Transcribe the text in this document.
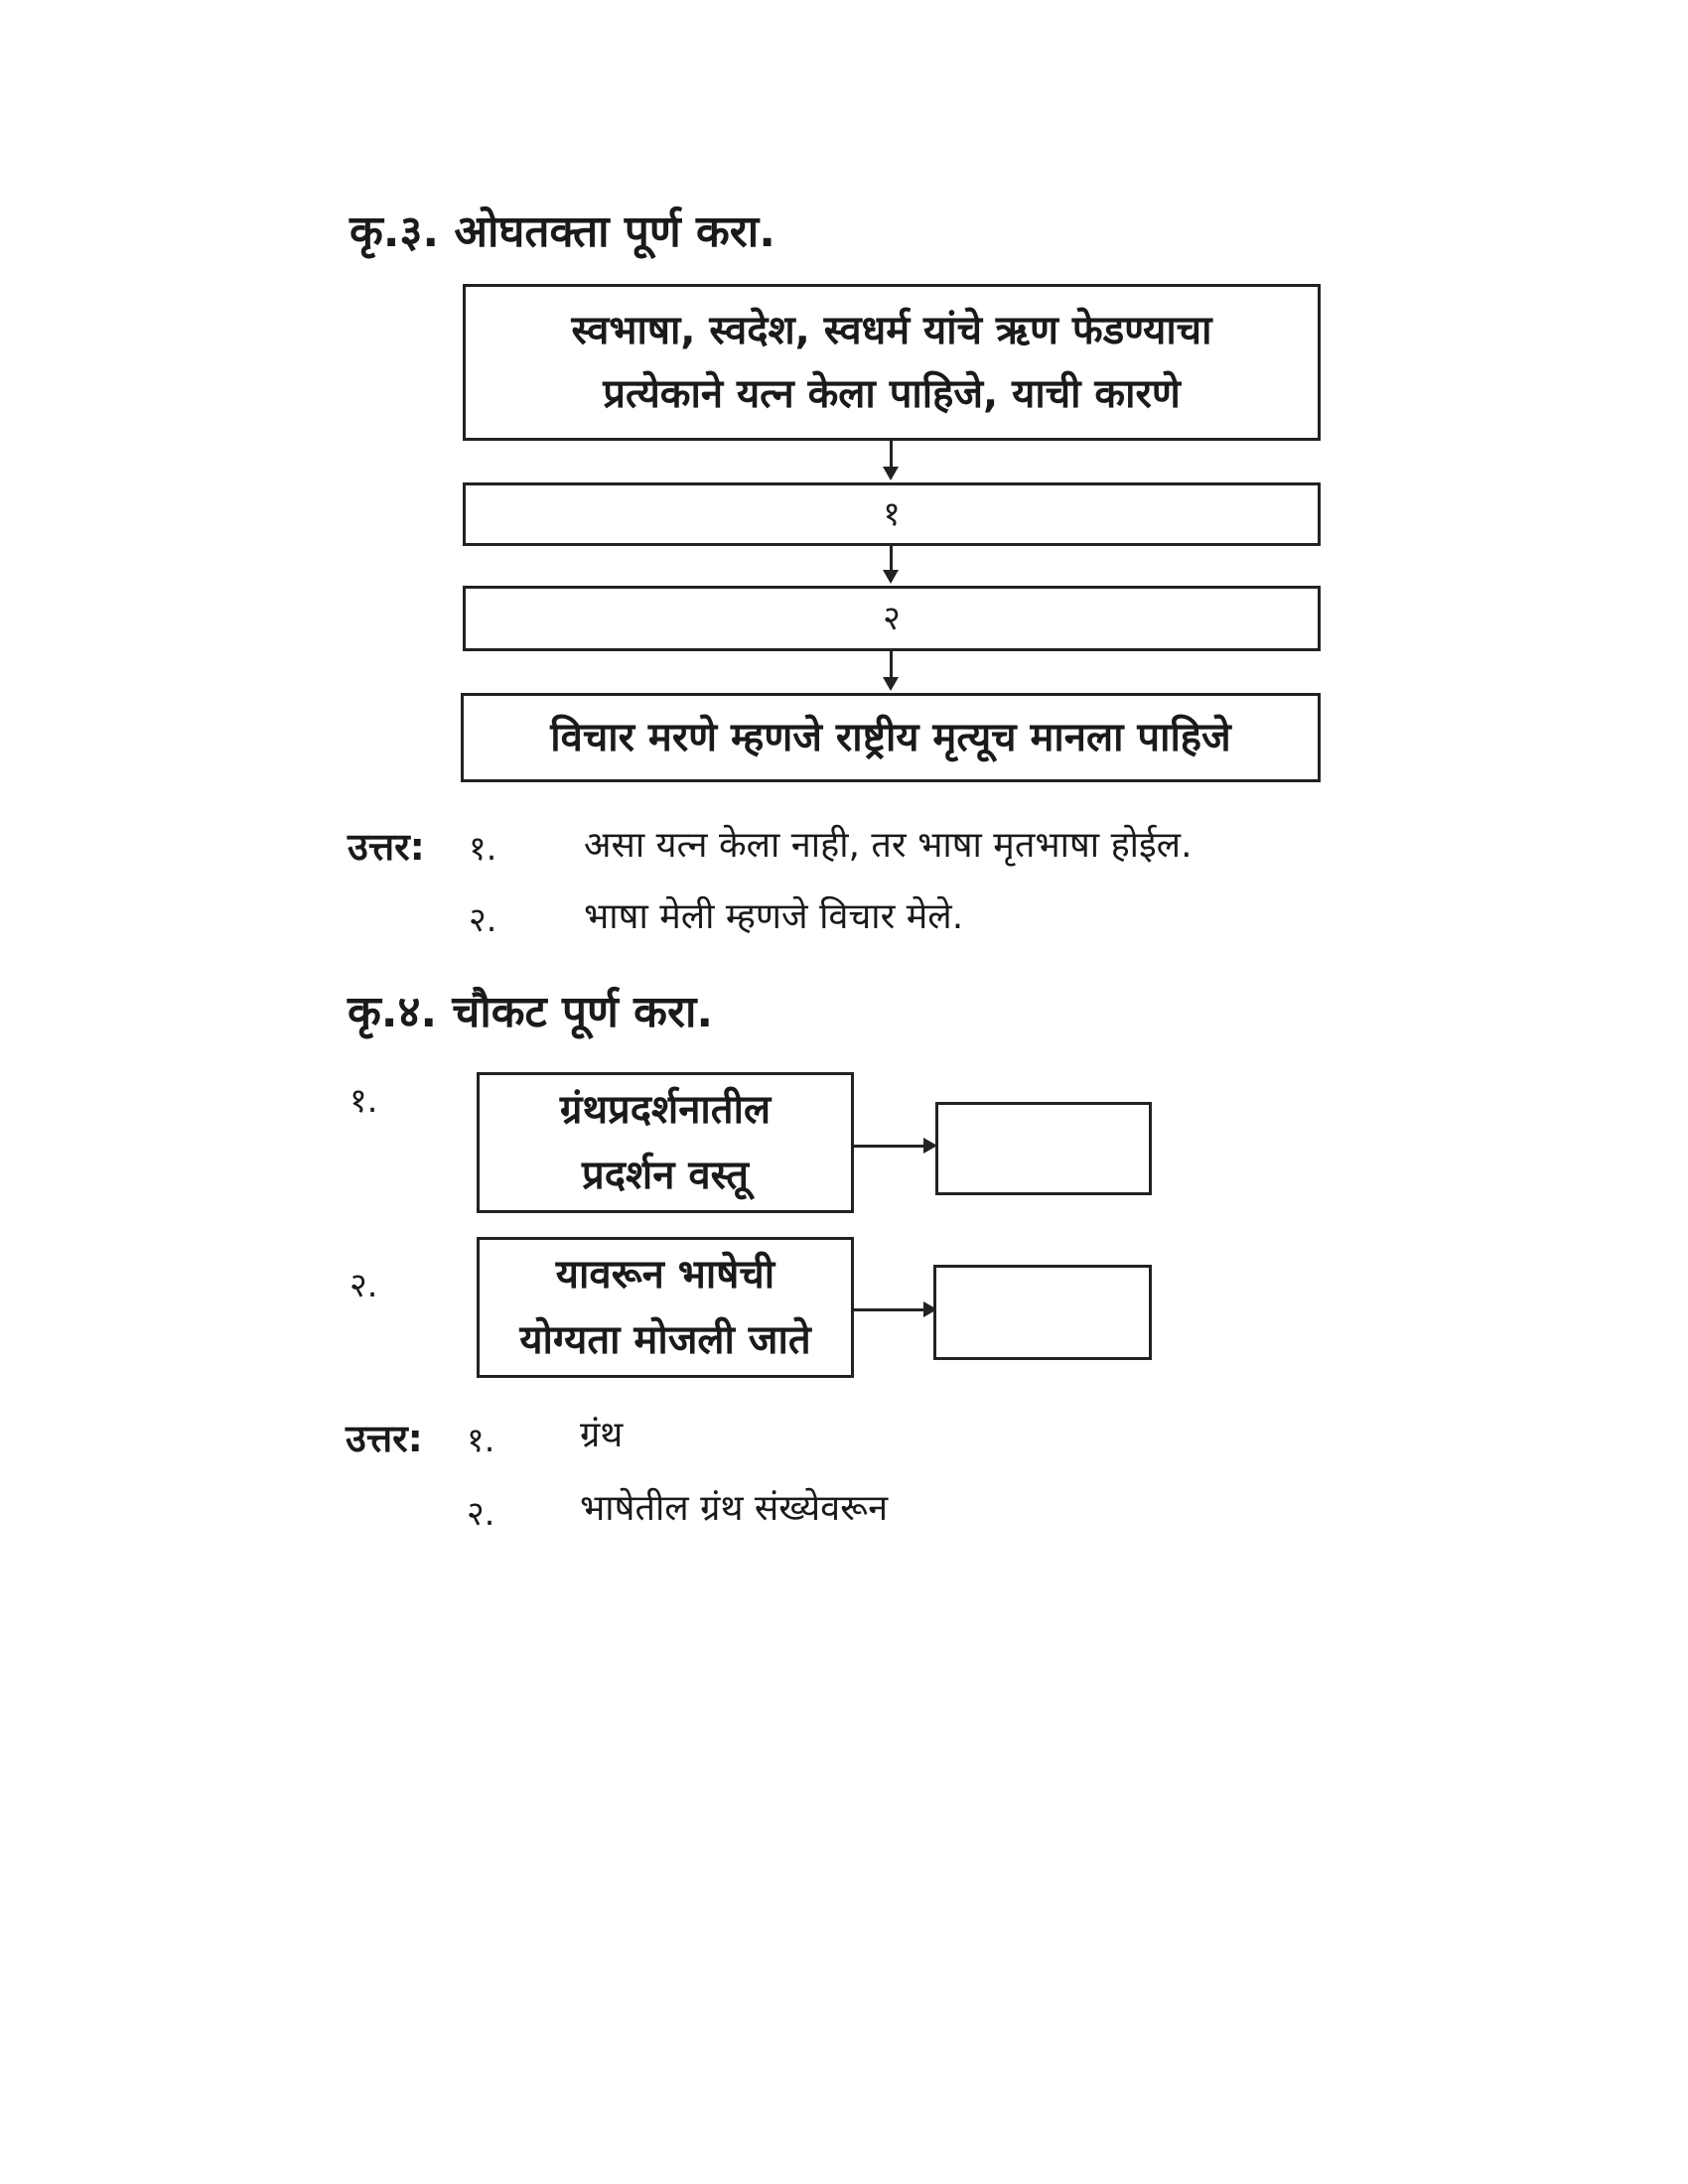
कृ.३. ओघतक्ता पूर्ण करा.
स्वभाषा, स्वदेश, स्वधर्म यांचे ऋण फेडण्याचा
प्रत्येकाने यत्न केला पाहिजे, याची कारणे
१
२
विचार मरणे म्हणजे राष्ट्रीय मृत्यूच मानला पाहिजे
उत्तर: १. असा यत्न केला नाही, तर भाषा मृतभाषा होईल.
२. भाषा मेली म्हणजे विचार मेले.
कृ.४. चौकट पूर्ण करा.
१.	ग्रंथप्रदर्शनातील
प्रदर्शन वस्तू
२.	यावरून भाषेची
योग्यता मोजली जाते
उत्तर: १. ग्रंथ
२. भाषेतील ग्रंथ संख्येवरून
